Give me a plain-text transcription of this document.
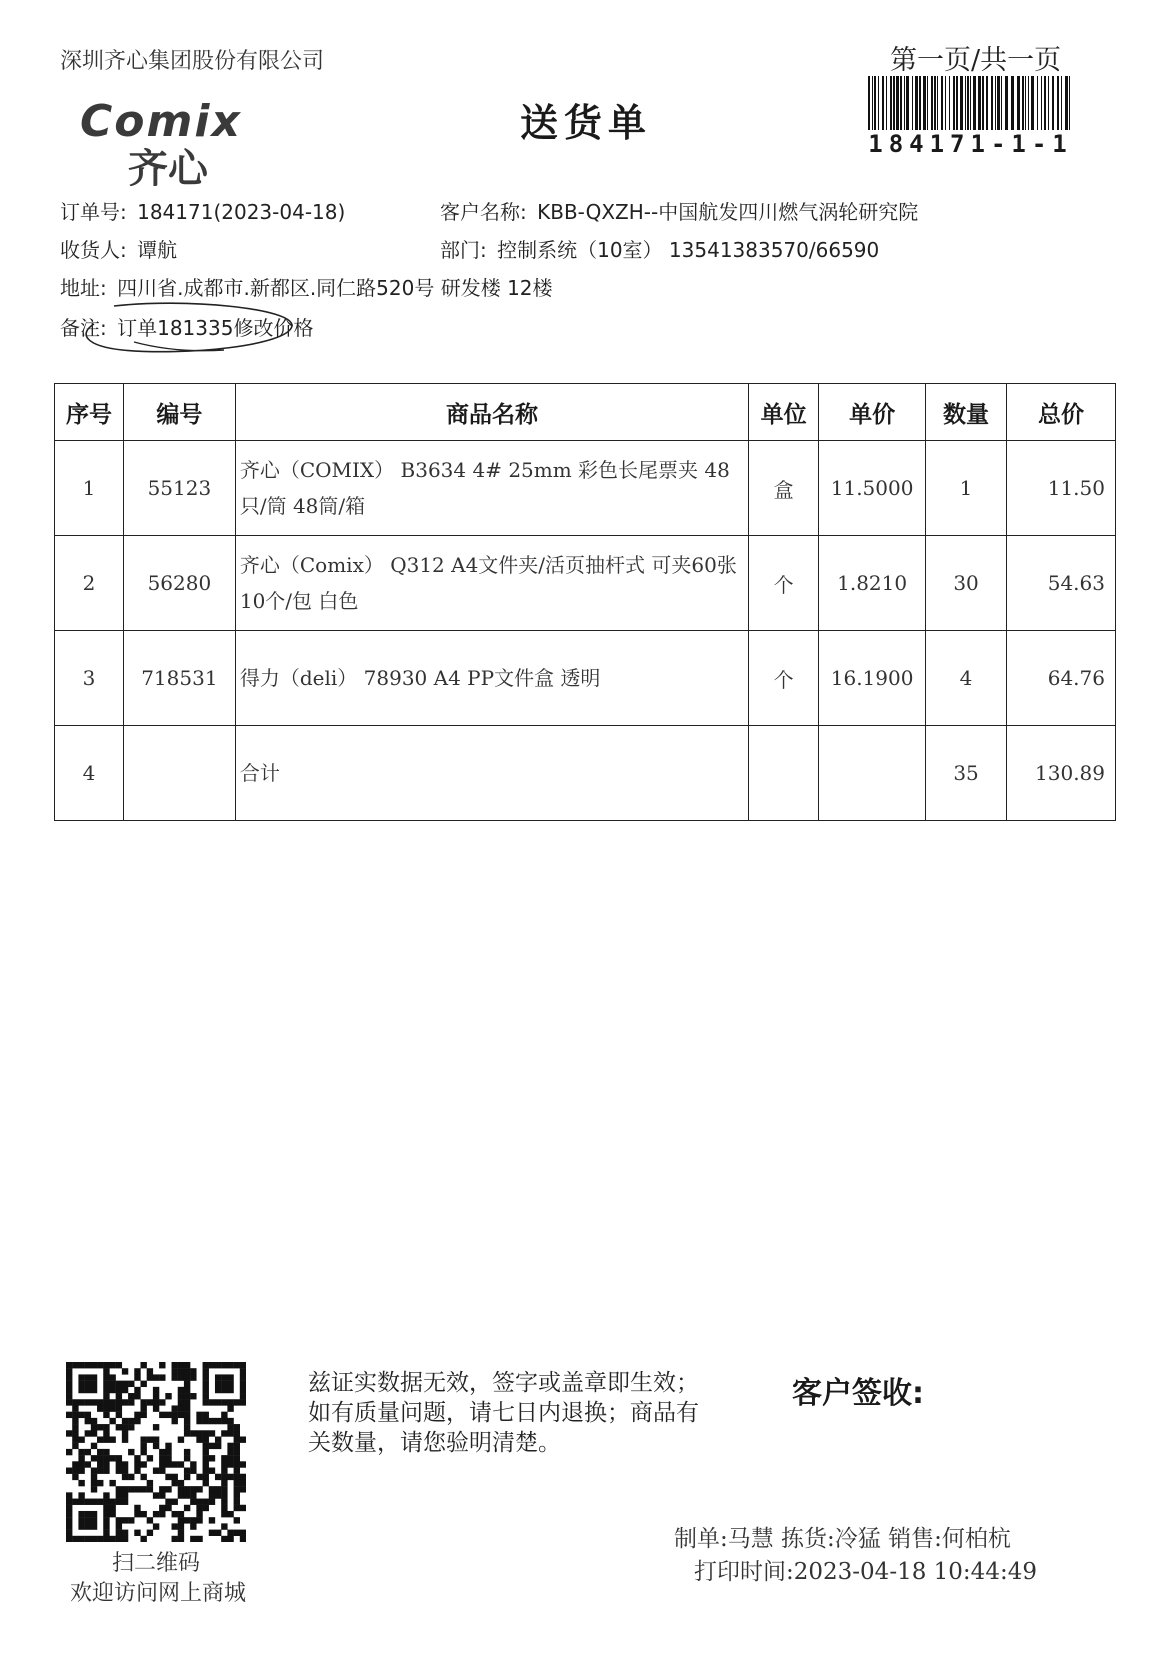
深圳齐心集团股份有限公司
Comix
齐心
送货单
第一页/共一页
184171-1-1
订单号: 184171(2023-04-18)	客户名称: KBB-QXZH--中国航发四川燃气涡轮研究院
收货人: 谭航	部门: 控制系统（10室） 13541383570/66590
地址: 四川省.成都市.新都区.同仁路520号 研发楼 12楼
备注: 订单181335修改价格
序号	编号	商品名称	单位	单价	数量	总价
1	55123	齐心（COMIX） B3634 4# 25mm 彩色长尾票夹 48只/筒 48筒/箱	盒	11.5000	1	11.50
2	56280	齐心（Comix） Q312 A4文件夹/活页抽杆式 可夹60张 10个/包 白色	个	1.8210	30	54.63
3	718531	得力（deli） 78930 A4 PP文件盒 透明	个	16.1900	4	64.76
4		合计			35	130.89
扫二维码
欢迎访问网上商城
兹证实数据无效，签字或盖章即生效；如有质量问题，请七日内退换；商品有关数量，请您验明清楚。
客户签收:
制单:马慧 拣货:冷猛 销售:何柏杭
打印时间:2023-04-18 10:44:49
